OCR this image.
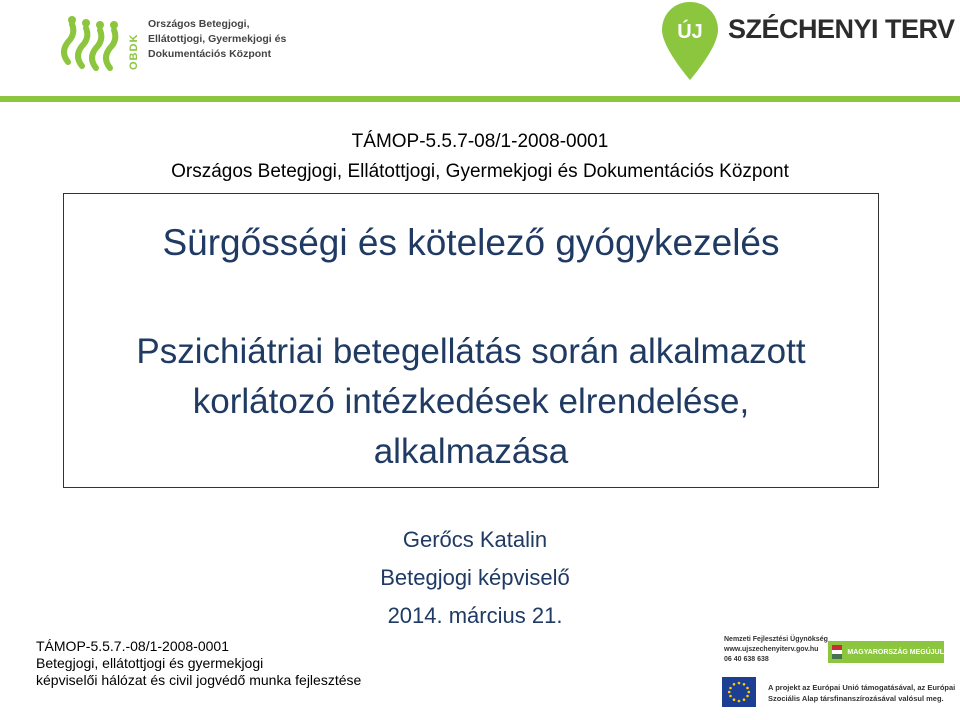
OBDK
Országos Betegjogi,
Ellátottjogi, Gyermekjogi és
Dokumentációs Központ
ÚJ SZÉCHENYI TERV
TÁMOP-5.5.7-08/1-2008-0001
Országos Betegjogi, Ellátottjogi, Gyermekjogi és Dokumentációs Központ
Sürgősségi és kötelező gyógykezelés
Pszichiátriai betegellátás során alkalmazott
korlátozó intézkedések elrendelése,
alkalmazása
Gerőcs Katalin
Betegjogi képviselő
2014. március 21.
TÁMOP-5.5.7.-08/1-2008-0001
Betegjogi, ellátottjogi és gyermekjogi
képviselői hálózat és civil jogvédő munka fejlesztése
Nemzeti Fejlesztési Ügynökség
www.ujszechenyiterv.gov.hu
06 40 638 638
MAGYARORSZÁG MEGÚJUL
A projekt az Európai Unió támogatásával, az Európai
Szociális Alap társfinanszírozásával valósul meg.
